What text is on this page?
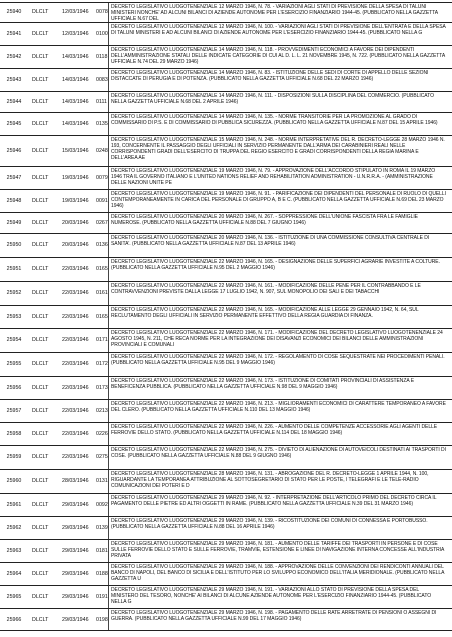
25940	DLCLT	12/03/1946	0078
DECRETO LEGISLATIVO LUOGOTENENZIALE 12 MARZO 1946, N. 78. - VARIAZIONI AGLI STATI DI PREVISIONE DELLA SPESA DI TALUNI MINISTERI NONCHE' AD ALCUNI BILANCI DI AZIENDE AUTONOME PER L'ESERCIZIO FINANZIARIO 1944-45. (PUBBLICATO NELLA GAZZETTA UFFICIALE N.67 DEL
25941	DLCLT	12/03/1946	0100
DECRETO LEGISLATIVO LUOGOTENENZIALE 12 MARZO 1946, N. 100. - VARIAZIONI AGLI STATI DI PREVISIONE DELL'ENTRATA E DELLA SPESA DI TALUNI MINISTERI E AD ALCUNI BILANCI DI AZIENDE AUTONOME PER L'ESERCIZIO FINANZIARIO 1944-45. (PUBBLICATO NELLA G
25942	DLCLT	14/03/1946	0118
DECRETO LEGISLATIVO LUOGOTENENZIALE 14 MARZO 1946, N. 118. - PROVVEDIMENTI ECONOMICI A FAVORE DEI DIPENDENTI DELL'AMMINISTRAZIONE STATALI DELLE INDICATE CATEGORIE DI CUI AL D. L. L. 21 NOVEMBRE 1945, N. 722. (PUBBLICATO NELLA GAZZETTA UFFICIALE N.74 DEL 29 MARZO 1946)
25943	DLCLT	14/03/1946	0083
DECRETO LEGISLATIVO LUOGOTENENZIALE 14 MARZO 1946, N. 83. - ISTITUZIONE DELLE SEDI DI CORTE DI APPELLO DELLE SEZIONI DISTACCATE DI PERUGIA E DI POTENZA. (PUBBLICATO NELLA GAZZETTA UFFICIALE N.68 DEL 22 MARZO 1946)
25944	DLCLT	14/03/1946	0111
DECRETO LEGISLATIVO LUOGOTENENZIALE 14 MARZO 1946, N. 111. - DISPOSIZIONI SULLA DISCIPLINA DEL COMMERCIO. (PUBBLICATO NELLA GAZZETTA UFFICIALE N.68 DEL 2 APRILE 1946)
25945	DLCLT	14/03/1946	0135
DECRETO LEGISLATIVO LUOGOTENENZIALE 14 MARZO 1946, N. 135. - NORME TRANSITORIE PER LA PROMOZIONE AL GRADO DI COMMISSARIO DI P.S. E DI COMMISSARIO DI PUBBLICA SICUREZZA. (PUBBLICATO NELLA GAZZETTA UFFICIALE N.87 DEL 15 APRILE 1946)
25946	DLCLT	15/03/1946	0248
DECRETO LEGISLATIVO LUOGOTENENZIALE 15 MARZO 1946, N. 248. - NORME INTERPRETATIVE DEL R. DECRETO-LEGGE 28 MARZO 1946 N. 193, CONCERNENTE IL PASSAGGIO DEGLI UFFICIALI IN SERVIZIO PERMANENTE DALL'ARMA DEI CARABINIERI REALI NELLE CORRISPONDENTI GRADI DELL'ESERCITO DI TRUPPA DEL REGIO ESERCITO E GRADI CORRISPONDENTI DELLA REGIA MARINA E DELL'AREA AE
25947	DLCLT	19/03/1946	0079
DECRETO LEGISLATIVO LUOGOTENENZIALE 19 MARZO 1946, N. 79. - APPROVAZIONE DELL'ACCORDO STIPULATO IN ROMA IL 19 MARZO 1946 TRA IL GOVERNO ITALIANO E L'UNITED NATIONS RELIEF AND REHABILITATION ADMINISTRATION - U.N.R.R.A. - (AMMINISTRAZIONE DELLE NAZIONI UNITE PE
25948	DLCLT	19/03/1946	0091
DECRETO LEGISLATIVO LUOGOTENENZIALE 19 MARZO 1946, N. 91. - PARIFICAZIONE DEI DIPENDENTI DEL PERSONALE DI RUOLO DI QUELLI CONTEMPORANEAMENTE IN CARICA DEL PERSONALE DI GRUPPO A, B E C. (PUBBLICATO NELLA GAZZETTA UFFICIALE N.69 DEL 23 MARZO 1946)
25949	DLCLT	20/03/1946	0267
DECRETO LEGISLATIVO LUOGOTENENZIALE 20 MARZO 1946, N. 267. - SOPPRESSIONE DELL'UNIONE FASCISTA FRA LE FAMIGLIE NUMEROSE. (PUBBLICATO NELLA GAZZETTA UFFICIALE N.88 DEL 7 GIUGNO 1946)
25950	DLCLT	20/03/1946	0136
DECRETO LEGISLATIVO LUOGOTENENZIALE 20 MARZO 1946, N. 136. - ISTITUZIONE DI UNA COMMISSIONE CONSULTIVA CENTRALE DI SANITA'. (PUBBLICATO NELLA GAZZETTA UFFICIALE N.87 DEL 13 APRILE 1946)
25951	DLCLT	22/03/1946	0165
DECRETO LEGISLATIVO LUOGOTENENZIALE 22 MARZO 1946, N. 165. - DESIGNAZIONE DELLE SUPERFICI AGRARIE INVESTITE A COLTURE. (PUBBLICATO NELLA GAZZETTA UFFICIALE N.95 DEL 2 MAGGIO 1946)
25952	DLCLT	22/03/1946	0161
DECRETO LEGISLATIVO LUOGOTENENZIALE 22 MARZO 1946, N. 161. - MODIFICAZIONE DELLE PENE PER IL CONTRABBANDO E LE CONTRAVVENZIONI PREVISTE DALLA LEGGE 17 LUGLIO 1942, N. 907, SUL MONOPOLIO DEI SALI E DEI TABACCHI
25953	DLCLT	22/03/1946	0165
DECRETO LEGISLATIVO LUOGOTENENZIALE 22 MARZO 1946, N. 165. - MODIFICAZIONE ALLE LEGGE 29 GENNAIO 1942, N. 64, SUL RECLUTAMENTO DEGLI UFFICIALI IN SERVIZIO PERMANENTE EFFETTIVO DELLA REGIA GUARDIA DI FINANZA.
25954	DLCLT	22/03/1946	0171
DECRETO LEGISLATIVO LUOGOTENENZIALE 22 MARZO 1946, N. 171. - MODIFICAZIONE DEL DECRETO LEGISLATIVO LUOGOTENENZIALE 24 AGOSTO 1945, N. 211, CHE RECA NORME PER LA INTEGRAZIONE DEI DISAVANZI ECONOMICI DEI BILANCI DELLE AMMINISTRAZIONI PROVINCIALI E COMUNALI
25955	DLCLT	22/03/1946	0172
DECRETO LEGISLATIVO LUOGOTENENZIALE 22 MARZO 1946, N. 172. - REGOLAMENTO DI COSE SEQUESTRATE NEI PROCEDIMENTI PENALI. (PUBBLICATO NELLA GAZZETTA UFFICIALE N.95 DEL 9 MAGGIO 1946)
25956	DLCLT	22/03/1946	0173
DECRETO LEGISLATIVO LUOGOTENENZIALE 22 MARZO 1946, N. 173. - ISTITUZIONE DI COMITATI PROVINCIALI DI ASSISTENZA E BENEFICENZA PUBBLICA. (PUBBLICATO NELLA GAZZETTA UFFICIALE N.98 DEL 9 MAGGIO 1946)
25957	DLCLT	22/03/1946	0213
DECRETO LEGISLATIVO LUOGOTENENZIALE 22 MARZO 1946, N. 213. - MIGLIORAMENTI ECONOMICI DI CARATTERE TEMPORANEO A FAVORE DEL CLERO. (PUBBLICATO NELLA GAZZETTA UFFICIALE N.110 DEL 13 MAGGIO 1946)
25958	DLCLT	22/03/1946	0226
DECRETO LEGISLATIVO LUOGOTENENZIALE 22 MARZO 1946, N. 226. - AUMENTO DELLE COMPETENZE ACCESSORIE AGLI AGENTI DELLE FERROVIE DELLO STATO. (PUBBLICATO NELLA GAZZETTA UFFICIALE N.114 DEL 18 MAGGIO 1946)
25959	DLCLT	22/03/1946	0275
DECRETO LEGISLATIVO LUOGOTENENZIALE 22 MARZO 1946, N. 275. - DIVIETO DI ALIENAZIONE DI AUTOVEICOLI DESTINATI AI TRASPORTI DI COSE. (PUBBLICATO NELLA GAZZETTA UFFICIALE N.88 DEL 9 GIUGNO 1946)
25960	DLCLT	28/03/1946	0131
DECRETO LEGISLATIVO LUOGOTENENZIALE 28 MARZO 1946, N. 131. - ABROGAZIONE DEL R. DECRETO-LEGGE 1 APRILE 1944, N. 100, RIGUARDANTE LA TEMPORANEA ATTRIBUZIONE AL SOTTOSEGRETARIO DI STATO PER LE POSTE, I TELEGRAFI E LE TELE-RADIO COMUNICAZIONI DEI POTERI E D
25961	DLCLT	29/03/1946	0092
DECRETO LEGISLATIVO LUOGOTENENZIALE 29 MARZO 1946, N. 92. - INTERPRETAZIONE DELL'ARTICOLO PRIMO DEL DECRETO CIRCA IL PAGAMENTO DELLE PIETRE ED ALTRI OGGETTI IN RAME. (PUBBLICATO NELLA GAZZETTA UFFICIALE N.39 DEL 31 MARZO 1946)
25962	DLCLT	29/03/1946	0139
DECRETO LEGISLATIVO LUOGOTENENZIALE 29 MARZO 1946, N. 139. - RICOSTITUZIONE DEI COMUNI DI CONNESSA E PORTOBUSSO. (PUBBLICATO NELLA GAZZETTA UFFICIALE N.88 DEL 16 APRILE 1946)
25963	DLCLT	29/03/1946	0181
DECRETO LEGISLATIVO LUOGOTENENZIALE 29 MARZO 1946, N. 181. - AUMENTO DELLE TARIFFE DEI TRASPORTI IN PERSONE E DI COSE SULLE FERROVIE DELLO STATO E SULLE FERROVIE, TRAMVIE, ESTENSIONE E LINEE DI NAVIGAZIONE INTERNA CONCESSE ALL'INDUSTRIA PRIVATA
25964	DLCLT	29/03/1946	0188
DECRETO LEGISLATIVO LUOGOTENENZIALE 29 MARZO 1946, N. 188. - APPROVAZIONE DELLE CONVENZIONI DEI RENDICONTI ANNUALI DEL BANCO DI NAPOLI, DEL BANCO DI SICILIA E DELL'ISTITUTO PER LO SVILUPPO ECONOMICO DELL'ITALIA MERIDIONALE. (PUBBLICATO NELLA GAZZETTA U
25965	DLCLT	29/03/1946	0191
DECRETO LEGISLATIVO LUOGOTENENZIALE 29 MARZO 1946, N. 191. - VARIAZIONI ALLO STATO DI PREVISIONE DELLA SPESA DEL MINISTERO DEL TESORO, NONCHE' AI BILANCI DI ALCUNE AZIENDE AUTONOME PER L'ESERCIZIO FINANZIARIO 1944-45. (PUBBLICATO NELLA G
25966	DLCLT	29/03/1946	0198
DECRETO LEGISLATIVO LUOGOTENENZIALE 29 MARZO 1946, N. 198. - PAGAMENTO DELLE RATE ARRETRATE DI PENSIONI O ASSEGNI DI GUERRA. (PUBBLICATO NELLA GAZZETTA UFFICIALE N.99 DEL 17 MAGGIO 1946)
